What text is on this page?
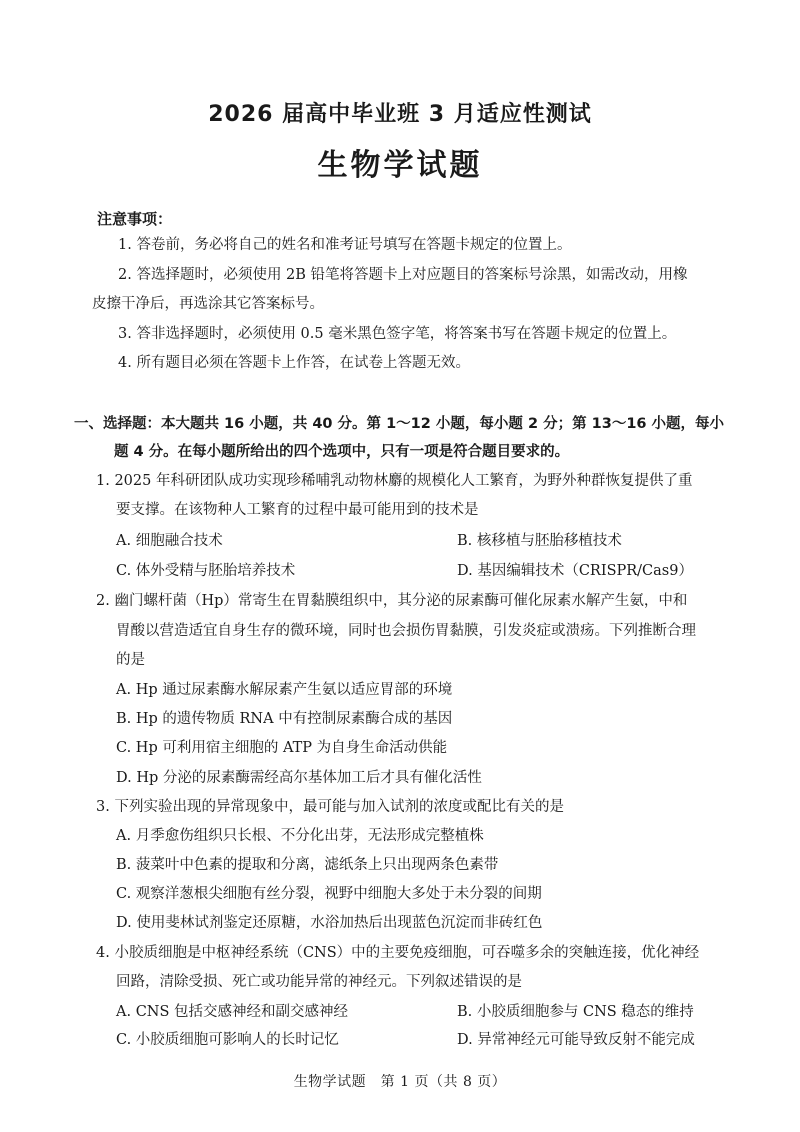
2026 届高中毕业班 3 月适应性测试
生物学试题
注意事项：
1. 答卷前，务必将自己的姓名和准考证号填写在答题卡规定的位置上。
2. 答选择题时，必须使用 2B 铅笔将答题卡上对应题目的答案标号涂黑，如需改动，用橡
皮擦干净后，再选涂其它答案标号。
3. 答非选择题时，必须使用 0.5 毫米黑色签字笔，将答案书写在答题卡规定的位置上。
4. 所有题目必须在答题卡上作答，在试卷上答题无效。
一、选择题：本大题共 16 小题，共 40 分。第 1～12 小题，每小题 2 分；第 13～16 小题，每小
题 4 分。在每小题所给出的四个选项中，只有一项是符合题目要求的。
1. 2025 年科研团队成功实现珍稀哺乳动物林麝的规模化人工繁育，为野外种群恢复提供了重
要支撑。在该物种人工繁育的过程中最可能用到的技术是
A. 细胞融合技术	B. 核移植与胚胎移植技术
C. 体外受精与胚胎培养技术	D. 基因编辑技术（CRISPR/Cas9）
2. 幽门螺杆菌（Hp）常寄生在胃黏膜组织中，其分泌的尿素酶可催化尿素水解产生氨，中和
胃酸以营造适宜自身生存的微环境，同时也会损伤胃黏膜，引发炎症或溃疡。下列推断合理
的是
A. Hp 通过尿素酶水解尿素产生氨以适应胃部的环境
B. Hp 的遗传物质 RNA 中有控制尿素酶合成的基因
C. Hp 可利用宿主细胞的 ATP 为自身生命活动供能
D. Hp 分泌的尿素酶需经高尔基体加工后才具有催化活性
3. 下列实验出现的异常现象中，最可能与加入试剂的浓度或配比有关的是
A. 月季愈伤组织只长根、不分化出芽，无法形成完整植株
B. 菠菜叶中色素的提取和分离，滤纸条上只出现两条色素带
C. 观察洋葱根尖细胞有丝分裂，视野中细胞大多处于未分裂的间期
D. 使用斐林试剂鉴定还原糖，水浴加热后出现蓝色沉淀而非砖红色
4. 小胶质细胞是中枢神经系统（CNS）中的主要免疫细胞，可吞噬多余的突触连接，优化神经
回路，清除受损、死亡或功能异常的神经元。下列叙述错误的是
A. CNS 包括交感神经和副交感神经	B. 小胶质细胞参与 CNS 稳态的维持
C. 小胶质细胞可影响人的长时记忆	D. 异常神经元可能导致反射不能完成
生物学试题　第 1 页（共 8 页）
